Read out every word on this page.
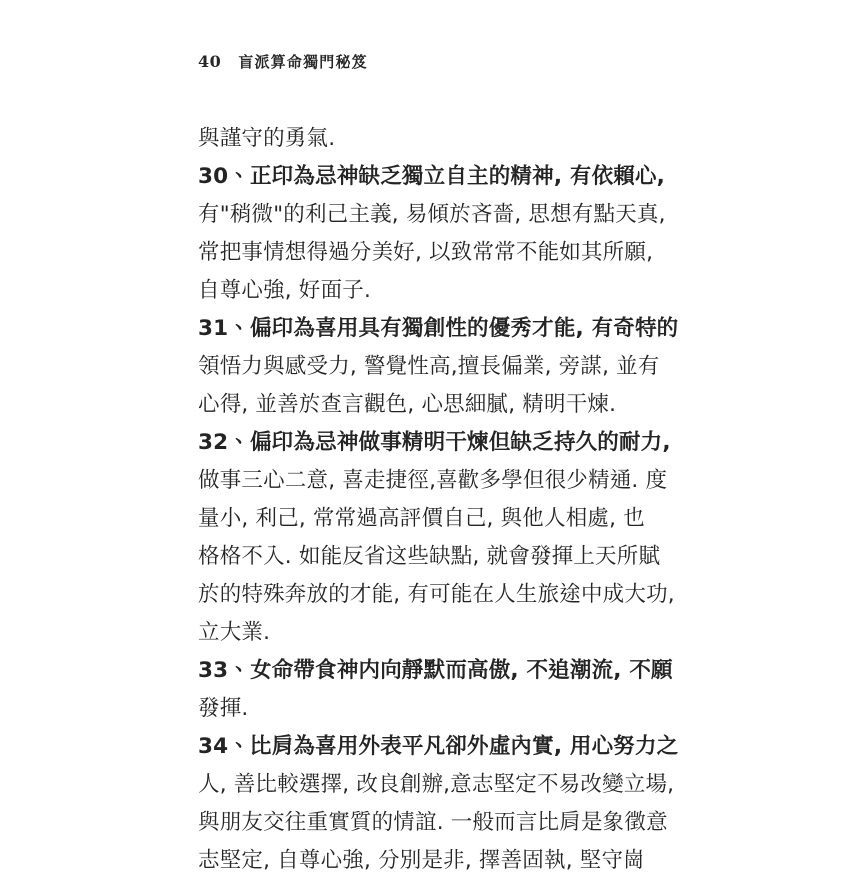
40 盲派算命獨門秘笈
與謹守的勇氣.
30、正印為忌神缺乏獨立自主的精神, 有依賴心,
有"稍微"的利己主義, 易傾於吝嗇, 思想有點天真,
常把事情想得過分美好, 以致常常不能如其所願,
自尊心強, 好面子.
31、偏印為喜用具有獨創性的優秀才能, 有奇特的
領悟力與感受力, 警覺性高,擅長偏業, 旁謀, 並有
心得, 並善於查言觀色, 心思細膩, 精明干煉.
32、偏印為忌神做事精明干煉但缺乏持久的耐力,
做事三心二意, 喜走捷徑,喜歡多學但很少精通. 度
量小, 利己, 常常過高評價自己, 與他人相處, 也
格格不入. 如能反省这些缺點, 就會發揮上天所賦
於的特殊奔放的才能, 有可能在人生旅途中成大功,
立大業.
33、女命帶食神内向靜默而高傲, 不追潮流, 不願
發揮.
34、比肩為喜用外表平凡卻外虛內實, 用心努力之
人, 善比較選擇, 改良創辦,意志堅定不易改變立場,
與朋友交往重實質的情誼. 一般而言比肩是象徵意
志堅定, 自尊心強, 分別是非, 擇善固執, 堅守崗
